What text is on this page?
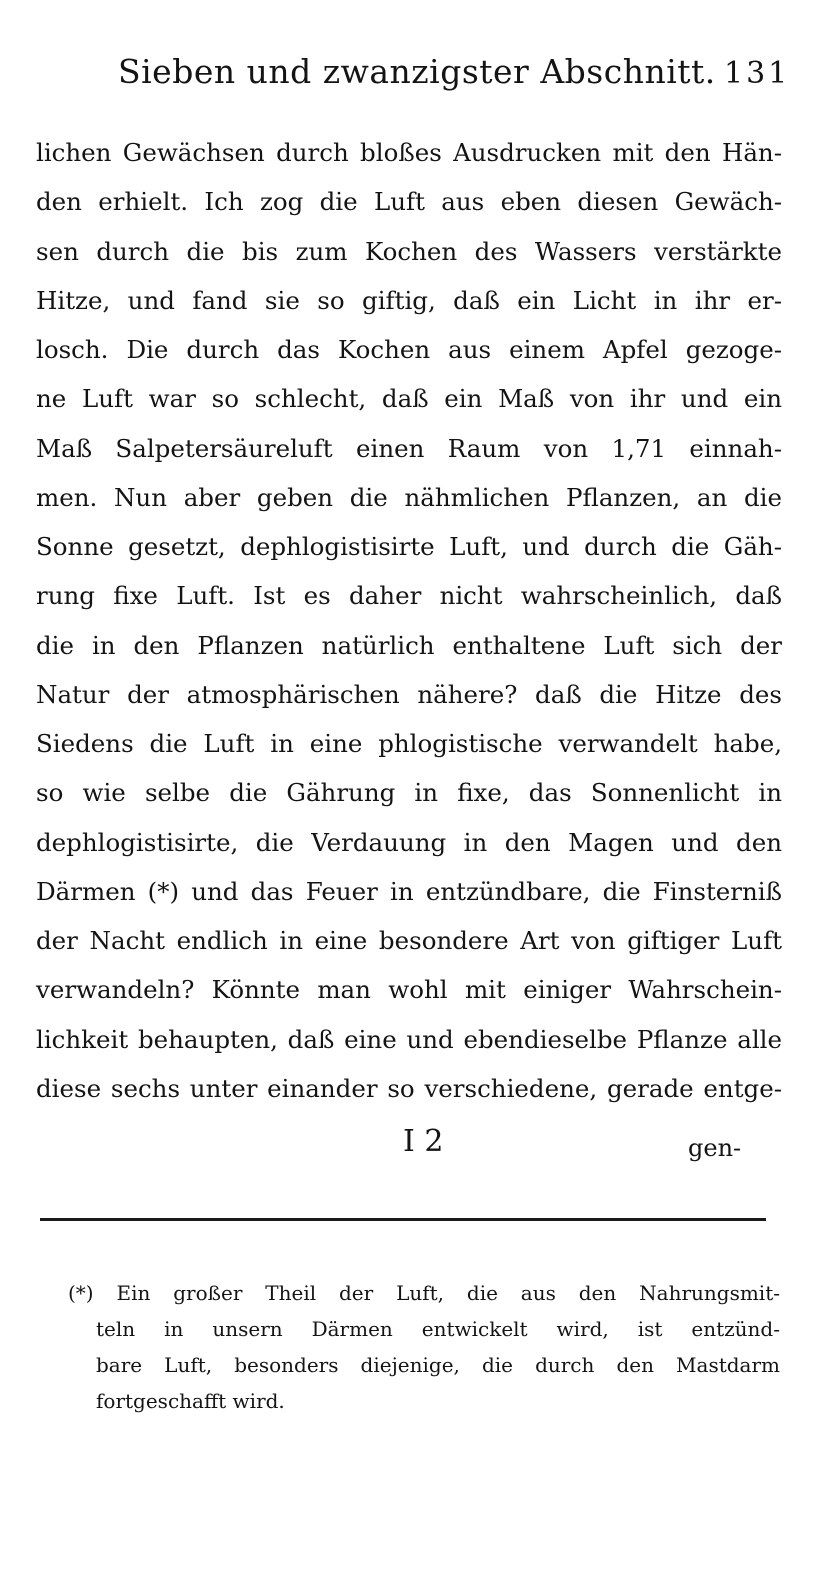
Sieben und zwanzigster Abschnitt. 131
lichen Gewächsen durch bloßes Ausdrucken mit den Hän-
den erhielt. Ich zog die Luft aus eben diesen Gewäch-
sen durch die bis zum Kochen des Wassers verstärkte
Hitze, und fand sie so giftig, daß ein Licht in ihr er-
losch. Die durch das Kochen aus einem Apfel gezoge-
ne Luft war so schlecht, daß ein Maß von ihr und ein
Maß Salpetersäureluft einen Raum von 1,71 einnah-
men. Nun aber geben die nähmlichen Pflanzen, an die
Sonne gesetzt, dephlogistisirte Luft, und durch die Gäh-
rung fixe Luft. Ist es daher nicht wahrscheinlich, daß
die in den Pflanzen natürlich enthaltene Luft sich der
Natur der atmosphärischen nähere? daß die Hitze des
Siedens die Luft in eine phlogistische verwandelt habe,
so wie selbe die Gährung in fixe, das Sonnenlicht in
dephlogistisirte, die Verdauung in den Magen und den
Därmen (*) und das Feuer in entzündbare, die Finsterniß
der Nacht endlich in eine besondere Art von giftiger Luft
verwandeln? Könnte man wohl mit einiger Wahrschein-
lichkeit behaupten, daß eine und ebendieselbe Pflanze alle
diese sechs unter einander so verschiedene, gerade entge-
I 2	gen-
(*) Ein großer Theil der Luft, die aus den Nahrungsmit-
teln in unsern Därmen entwickelt wird, ist entzünd-
bare Luft, besonders diejenige, die durch den Mastdarm
fortgeschafft wird.
